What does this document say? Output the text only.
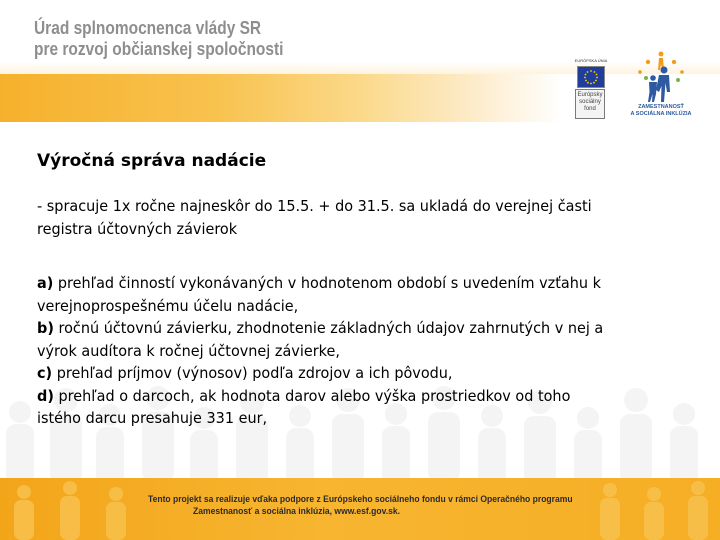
Úrad splnomocnenca vlády SR
pre rozvoj občianskej spoločnosti
EURÓPSKA ÚNIA
Európsky
sociálny
fond	ZAMESTNANOSŤ
A SOCIÁLNA INKLÚZIA
Výročná správa nadácie

- spracuje 1x ročne najneskôr do 15.5. + do 31.5. sa ukladá do verejnej časti

registra účtovných závierok

a) prehľad činností vykonávaných v hodnotenom období s uvedením vzťahu k

verejnoprospešnému účelu nadácie,

b) ročnú účtovnú závierku, zhodnotenie základných údajov zahrnutých v nej a

výrok audítora k ročnej účtovnej závierke,

c) prehľad príjmov (výnosov) podľa zdrojov a ich pôvodu,

d) prehľad o darcoch, ak hodnota darov alebo výška prostriedkov od toho

istého darcu presahuje 331 eur,

Tento projekt sa realizuje vďaka podpore z Európskeho sociálneho fondu v rámci Operačného programu
Zamestnanosť a sociálna inklúzia, www.esf.gov.sk.
